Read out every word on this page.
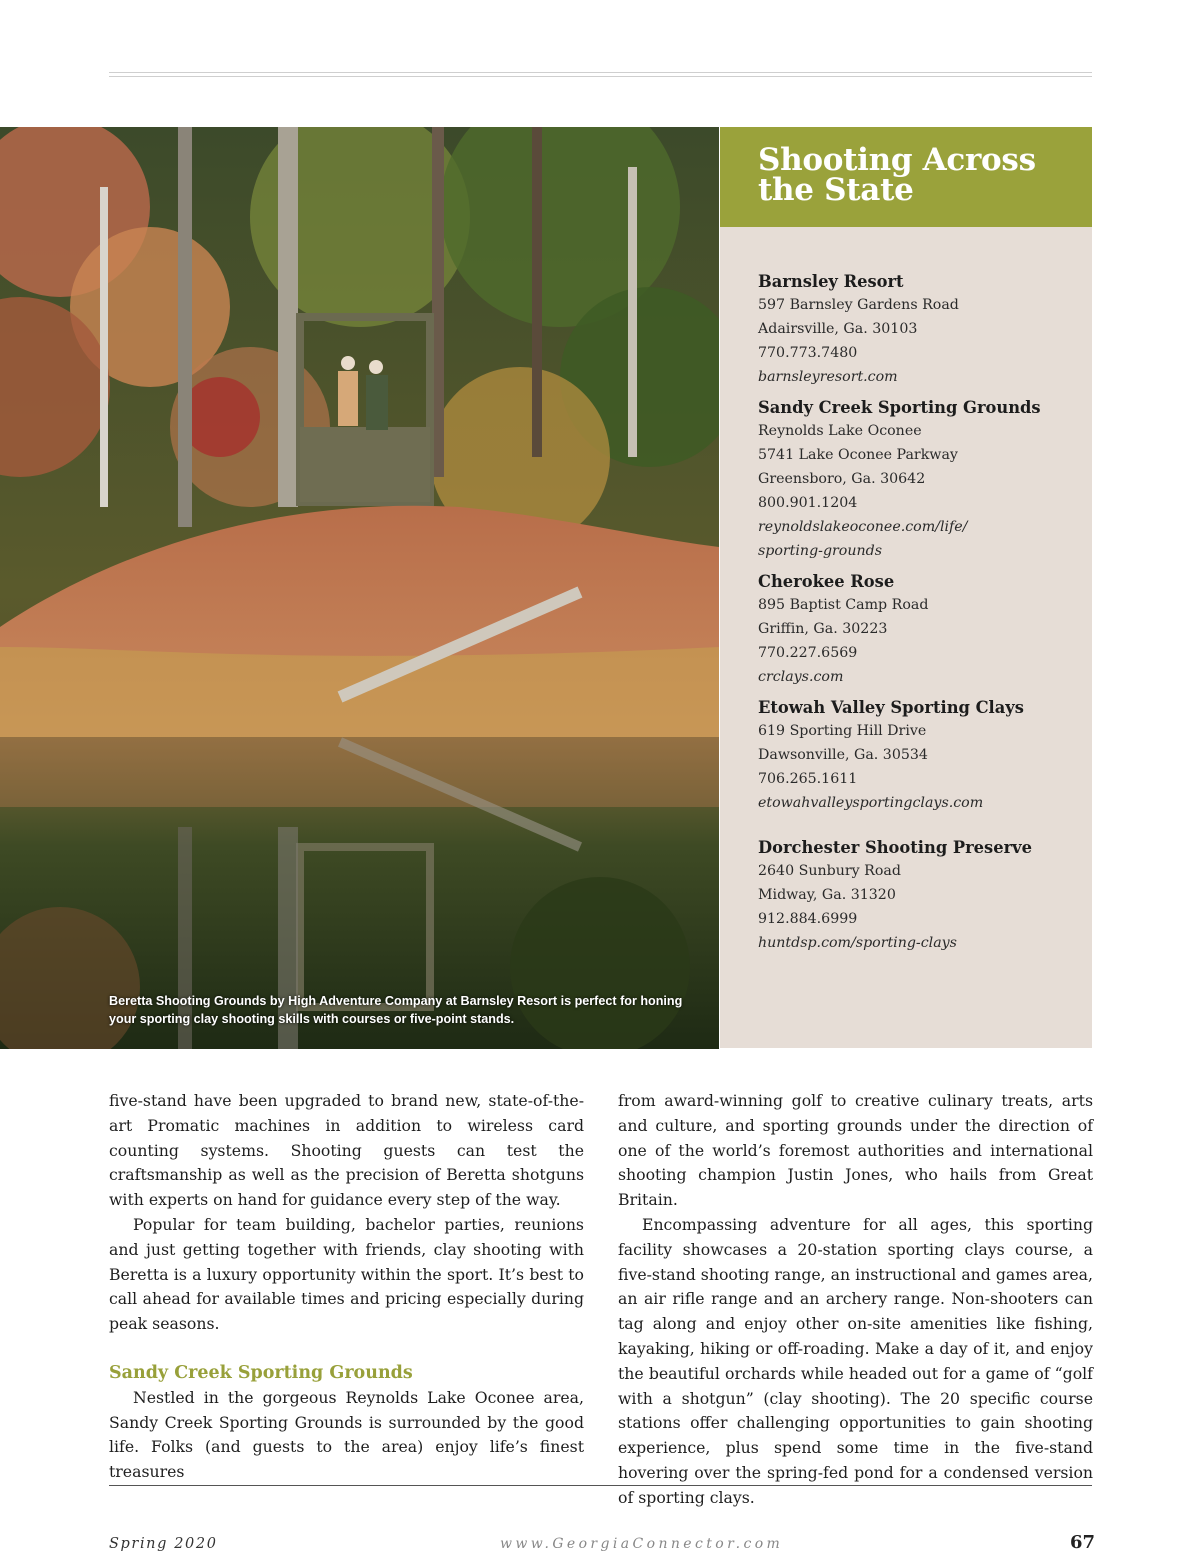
Beretta Shooting Grounds by High Adventure Company at Barnsley Resort is perfect for honing your sporting clay shooting skills with courses or five-point stands.
Shooting Across the State
Barnsley Resort
597 Barnsley Gardens Road
Adairsville, Ga. 30103
770.773.7480
barnsleyresort.com
Sandy Creek Sporting Grounds
Reynolds Lake Oconee
5741 Lake Oconee Parkway
Greensboro, Ga. 30642
800.901.1204
reynoldslakeoconee.com/life/
sporting-grounds
Cherokee Rose
895 Baptist Camp Road
Griffin, Ga. 30223
770.227.6569
crclays.com
Etowah Valley Sporting Clays
619 Sporting Hill Drive
Dawsonville, Ga. 30534
706.265.1611
etowahvalleysportingclays.com
Dorchester Shooting Preserve
2640 Sunbury Road
Midway, Ga. 31320
912.884.6999
huntdsp.com/sporting-clays

five-stand have been upgraded to brand new, state-of-the-art Promatic machines in addition to wireless card counting systems. Shooting guests can test the craftsmanship as well as the precision of Beretta shotguns with experts on hand for guidance every step of the way.

Popular for team building, bachelor parties, reunions and just getting together with friends, clay shooting with Beretta is a luxury opportunity within the sport. It’s best to call ahead for available times and pricing especially during peak seasons.

Sandy Creek Sporting Grounds

Nestled in the gorgeous Reynolds Lake Oconee area, Sandy Creek Sporting Grounds is surrounded by the good life. Folks (and guests to the area) enjoy life’s finest treasures

from award-winning golf to creative culinary treats, arts and culture, and sporting grounds under the direction of one of the world’s foremost authorities and international shooting champion Justin Jones, who hails from Great Britain.

Encompassing adventure for all ages, this sporting facility showcases a 20-station sporting clays course, a five-stand shooting range, an instructional and games area, an air rifle range and an archery range. Non-shooters can tag along and enjoy other on-site amenities like fishing, kayaking, hiking or off-roading. Make a day of it, and enjoy the beautiful orchards while headed out for a game of “golf with a shotgun” (clay shooting). The 20 specific course stations offer challenging opportunities to gain shooting experience, plus spend some time in the five-stand hovering over the spring-fed pond for a condensed version of sporting clays.

Spring 2020	www.GeorgiaConnector.com	67
